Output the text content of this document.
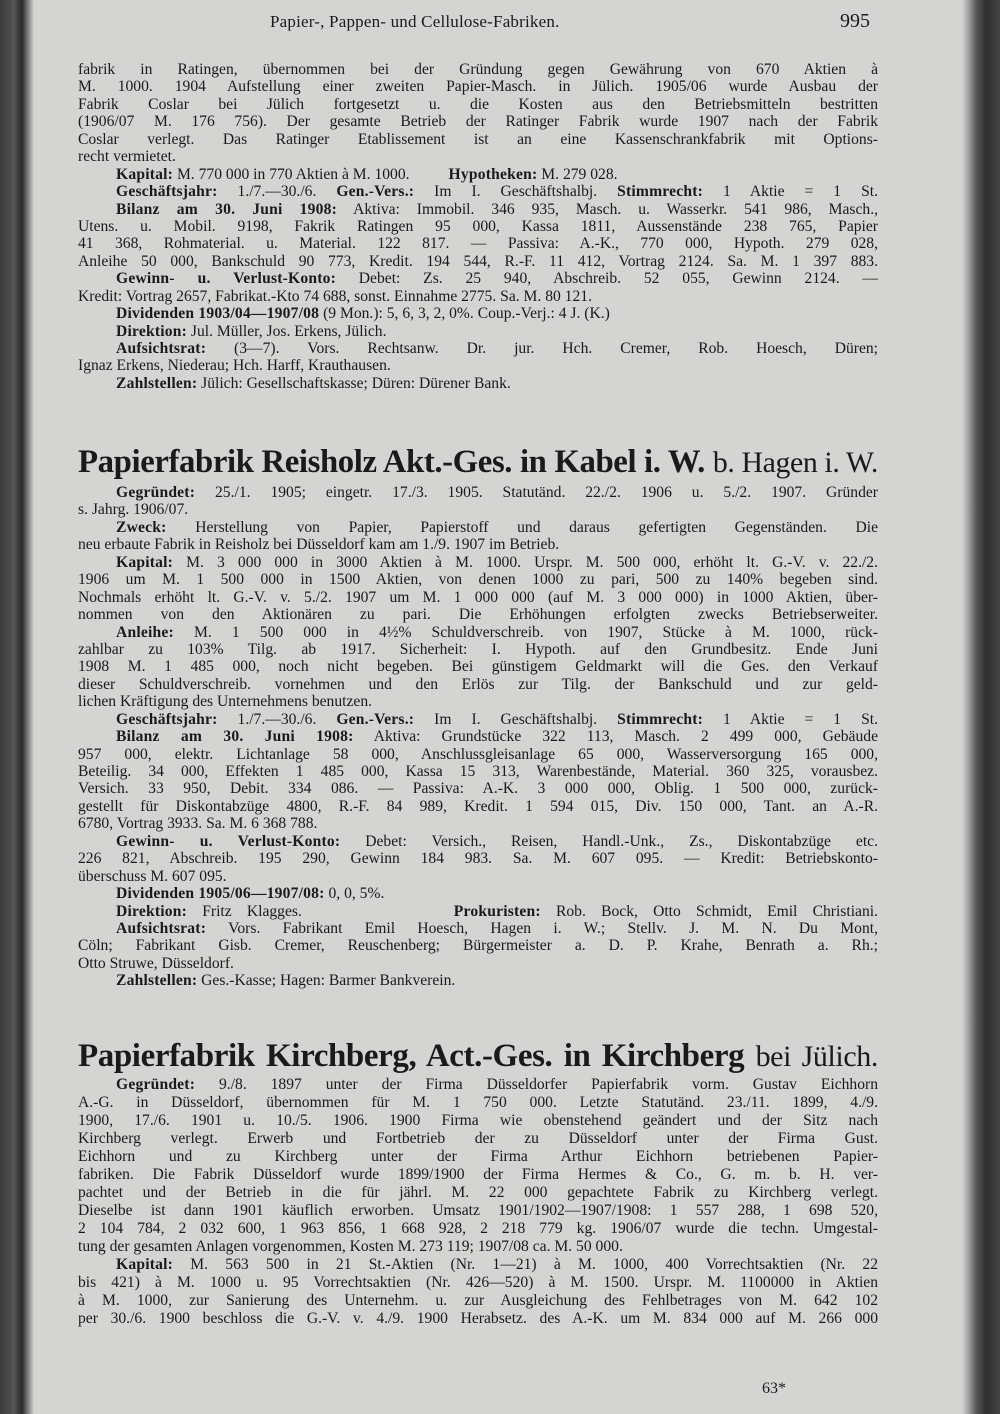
Papier-, Pappen- und Cellulose-Fabriken.	995
fabrik in Ratingen, übernommen bei der Gründung gegen Gewährung von 670 Aktien à
M. 1000. 1904 Aufstellung einer zweiten Papier-Masch. in Jülich. 1905/06 wurde Ausbau der
Fabrik Coslar bei Jülich fortgesetzt u. die Kosten aus den Betriebsmitteln bestritten
(1906/07 M. 176 756). Der gesamte Betrieb der Ratinger Fabrik wurde 1907 nach der Fabrik
Coslar verlegt. Das Ratinger Etablissement ist an eine Kassenschrankfabrik mit Options-
recht vermietet.
Kapital: M. 770 000 in 770 Aktien à M. 1000.          Hypotheken: M. 279 028.
Geschäftsjahr: 1./7.—30./6. Gen.-Vers.: Im I. Geschäftshalbj. Stimmrecht: 1 Aktie = 1 St.
Bilanz am 30. Juni 1908: Aktiva: Immobil. 346 935, Masch. u. Wasserkr. 541 986, Masch.,
Utens. u. Mobil. 9198, Fakrik Ratingen 95 000, Kassa 1811, Aussenstände 238 765, Papier
41 368, Rohmaterial. u. Material. 122 817. — Passiva: A.-K., 770 000, Hypoth. 279 028,
Anleihe 50 000, Bankschuld 90 773, Kredit. 194 544, R.-F. 11 412, Vortrag 2124. Sa. M. 1 397 883.
Gewinn- u. Verlust-Konto: Debet: Zs. 25 940, Abschreib. 52 055, Gewinn 2124. —
Kredit: Vortrag 2657, Fabrikat.-Kto 74 688, sonst. Einnahme 2775. Sa. M. 80 121.
Dividenden 1903/04—1907/08 (9 Mon.): 5, 6, 3, 2, 0%. Coup.-Verj.: 4 J. (K.)
Direktion: Jul. Müller, Jos. Erkens, Jülich.
Aufsichtsrat: (3—7). Vors. Rechtsanw. Dr. jur. Hch. Cremer, Rob. Hoesch, Düren;
Ignaz Erkens, Niederau; Hch. Harff, Krauthausen.
Zahlstellen: Jülich: Gesellschaftskasse; Düren: Dürener Bank.
Papierfabrik Reisholz Akt.-Ges. in Kabel i. W. b. Hagen i. W.
Gegründet: 25./1. 1905; eingetr. 17./3. 1905. Statutänd. 22./2. 1906 u. 5./2. 1907. Gründer
s. Jahrg. 1906/07.
Zweck: Herstellung von Papier, Papierstoff und daraus gefertigten Gegenständen. Die
neu erbaute Fabrik in Reisholz bei Düsseldorf kam am 1./9. 1907 im Betrieb.
Kapital: M. 3 000 000 in 3000 Aktien à M. 1000. Urspr. M. 500 000, erhöht lt. G.-V. v. 22./2.
1906 um M. 1 500 000 in 1500 Aktien, von denen 1000 zu pari, 500 zu 140% begeben sind.
Nochmals erhöht lt. G.-V. v. 5./2. 1907 um M. 1 000 000 (auf M. 3 000 000) in 1000 Aktien, über-
nommen von den Aktionären zu pari. Die Erhöhungen erfolgten zwecks Betriebserweiter.
Anleihe: M. 1 500 000 in 4½% Schuldverschreib. von 1907, Stücke à M. 1000, rück-
zahlbar zu 103% Tilg. ab 1917. Sicherheit: I. Hypoth. auf den Grundbesitz. Ende Juni
1908 M. 1 485 000, noch nicht begeben. Bei günstigem Geldmarkt will die Ges. den Verkauf
dieser Schuldverschreib. vornehmen und den Erlös zur Tilg. der Bankschuld und zur geld-
lichen Kräftigung des Unternehmens benutzen.
Geschäftsjahr: 1./7.—30./6. Gen.-Vers.: Im I. Geschäftshalbj. Stimmrecht: 1 Aktie = 1 St.
Bilanz am 30. Juni 1908: Aktiva: Grundstücke 322 113, Masch. 2 499 000, Gebäude
957 000, elektr. Lichtanlage 58 000, Anschlussgleisanlage 65 000, Wasserversorgung 165 000,
Beteilig. 34 000, Effekten 1 485 000, Kassa 15 313, Warenbestände, Material. 360 325, vorausbez.
Versich. 33 950, Debit. 334 086. — Passiva: A.-K. 3 000 000, Oblig. 1 500 000, zurück-
gestellt für Diskontabzüge 4800, R.-F. 84 989, Kredit. 1 594 015, Div. 150 000, Tant. an A.-R.
6780, Vortrag 3933. Sa. M. 6 368 788.
Gewinn- u. Verlust-Konto: Debet: Versich., Reisen, Handl.-Unk., Zs., Diskontabzüge etc.
226 821, Abschreib. 195 290, Gewinn 184 983. Sa. M. 607 095. — Kredit: Betriebskonto-
überschuss M. 607 095.
Dividenden 1905/06—1907/08: 0, 0, 5%.
Direktion: Fritz Klagges.          Prokuristen: Rob. Bock, Otto Schmidt, Emil Christiani.
Aufsichtsrat: Vors. Fabrikant Emil Hoesch, Hagen i. W.; Stellv. J. M. N. Du Mont,
Cöln; Fabrikant Gisb. Cremer, Reuschenberg; Bürgermeister a. D. P. Krahe, Benrath a. Rh.;
Otto Struwe, Düsseldorf.
Zahlstellen: Ges.-Kasse; Hagen: Barmer Bankverein.
Papierfabrik Kirchberg, Act.-Ges. in Kirchberg bei Jülich.
Gegründet: 9./8. 1897 unter der Firma Düsseldorfer Papierfabrik vorm. Gustav Eichhorn
A.-G. in Düsseldorf, übernommen für M. 1 750 000. Letzte Statutänd. 23./11. 1899, 4./9.
1900, 17./6. 1901 u. 10./5. 1906. 1900 Firma wie obenstehend geändert und der Sitz nach
Kirchberg verlegt. Erwerb und Fortbetrieb der zu Düsseldorf unter der Firma Gust.
Eichhorn und zu Kirchberg unter der Firma Arthur Eichhorn betriebenen Papier-
fabriken. Die Fabrik Düsseldorf wurde 1899/1900 der Firma Hermes & Co., G. m. b. H. ver-
pachtet und der Betrieb in die für jährl. M. 22 000 gepachtete Fabrik zu Kirchberg verlegt.
Dieselbe ist dann 1901 käuflich erworben. Umsatz 1901/1902—1907/1908: 1 557 288, 1 698 520,
2 104 784, 2 032 600, 1 963 856, 1 668 928, 2 218 779 kg. 1906/07 wurde die techn. Umgestal-
tung der gesamten Anlagen vorgenommen, Kosten M. 273 119; 1907/08 ca. M. 50 000.
Kapital: M. 563 500 in 21 St.-Aktien (Nr. 1—21) à M. 1000, 400 Vorrechtsaktien (Nr. 22
bis 421) à M. 1000 u. 95 Vorrechtsaktien (Nr. 426—520) à M. 1500. Urspr. M. 1100000 in Aktien
à M. 1000, zur Sanierung des Unternehm. u. zur Ausgleichung des Fehlbetrages von M. 642 102
per 30./6. 1900 beschloss die G.-V. v. 4./9. 1900 Herabsetz. des A.-K. um M. 834 000 auf M. 266 000
63*
